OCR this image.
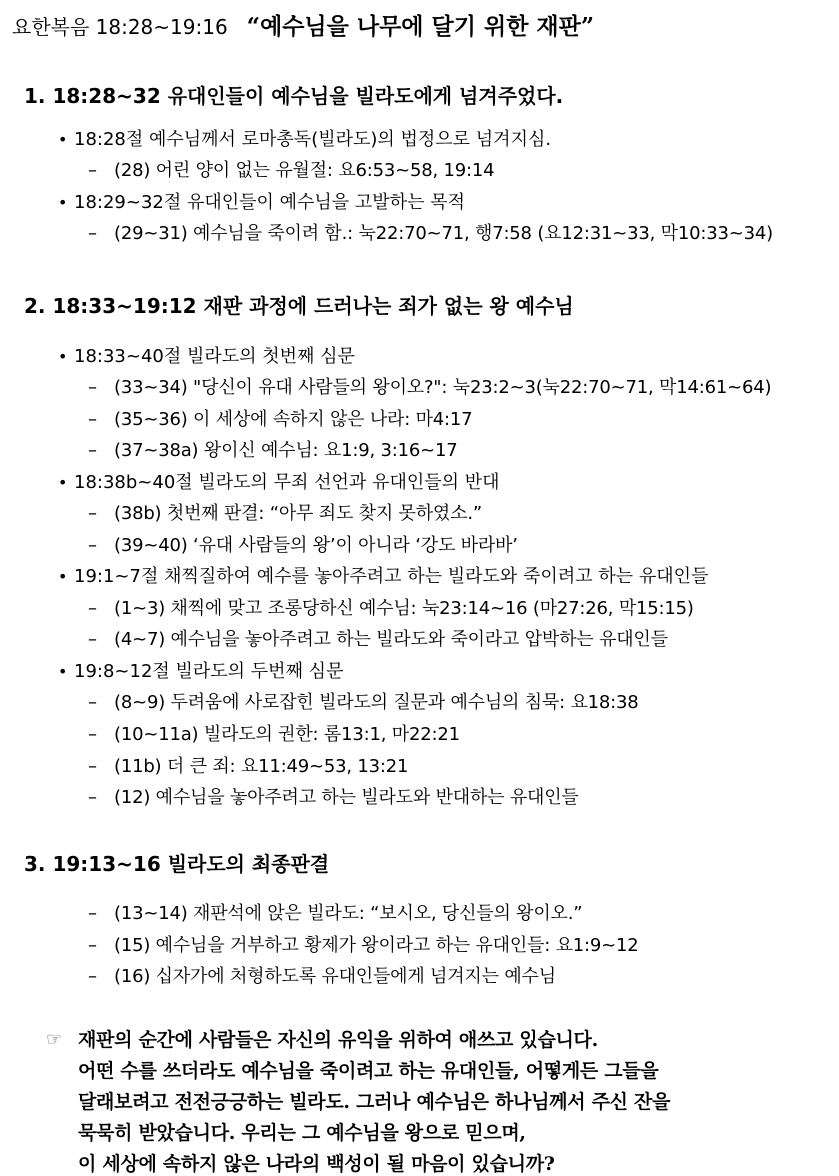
요한복음 18:28~19:16 “예수님을 나무에 달기 위한 재판”
1. 18:28~32 유대인들이 예수님을 빌라도에게 넘겨주었다.
• 18:28절 예수님께서 로마총독(빌라도)의 법정으로 넘겨지심.
– (28) 어린 양이 없는 유월절: 요6:53~58, 19:14
• 18:29~32절 유대인들이 예수님을 고발하는 목적
– (29~31) 예수님을 죽이려 함.: 눅22:70~71, 행7:58 (요12:31~33, 막10:33~34)
2. 18:33~19:12 재판 과정에 드러나는 죄가 없는 왕 예수님
• 18:33~40절 빌라도의 첫번째 심문
– (33~34) "당신이 유대 사람들의 왕이오?": 눅23:2~3(눅22:70~71, 막14:61~64)
– (35~36) 이 세상에 속하지 않은 나라: 마4:17
– (37~38a) 왕이신 예수님: 요1:9, 3:16~17
• 18:38b~40절 빌라도의 무죄 선언과 유대인들의 반대
– (38b) 첫번째 판결: “아무 죄도 찾지 못하였소.”
– (39~40) ‘유대 사람들의 왕’이 아니라 ‘강도 바라바’
• 19:1~7절 채찍질하여 예수를 놓아주려고 하는 빌라도와 죽이려고 하는 유대인들
– (1~3) 채찍에 맞고 조롱당하신 예수님: 눅23:14~16 (마27:26, 막15:15)
– (4~7) 예수님을 놓아주려고 하는 빌라도와 죽이라고 압박하는 유대인들
• 19:8~12절 빌라도의 두번째 심문
– (8~9) 두려움에 사로잡힌 빌라도의 질문과 예수님의 침묵: 요18:38
– (10~11a) 빌라도의 권한: 롬13:1, 마22:21
– (11b) 더 큰 죄: 요11:49~53, 13:21
– (12) 예수님을 놓아주려고 하는 빌라도와 반대하는 유대인들
3. 19:13~16 빌라도의 최종판결
– (13~14) 재판석에 앉은 빌라도: “보시오, 당신들의 왕이오.”
– (15) 예수님을 거부하고 황제가 왕이라고 하는 유대인들: 요1:9~12
– (16) 십자가에 처형하도록 유대인들에게 넘겨지는 예수님
☞ 재판의 순간에 사람들은 자신의 유익을 위하여 애쓰고 있습니다.
어떤 수를 쓰더라도 예수님을 죽이려고 하는 유대인들, 어떻게든 그들을
달래보려고 전전긍긍하는 빌라도. 그러나 예수님은 하나님께서 주신 잔을
묵묵히 받았습니다. 우리는 그 예수님을 왕으로 믿으며,
이 세상에 속하지 않은 나라의 백성이 될 마음이 있습니까?
